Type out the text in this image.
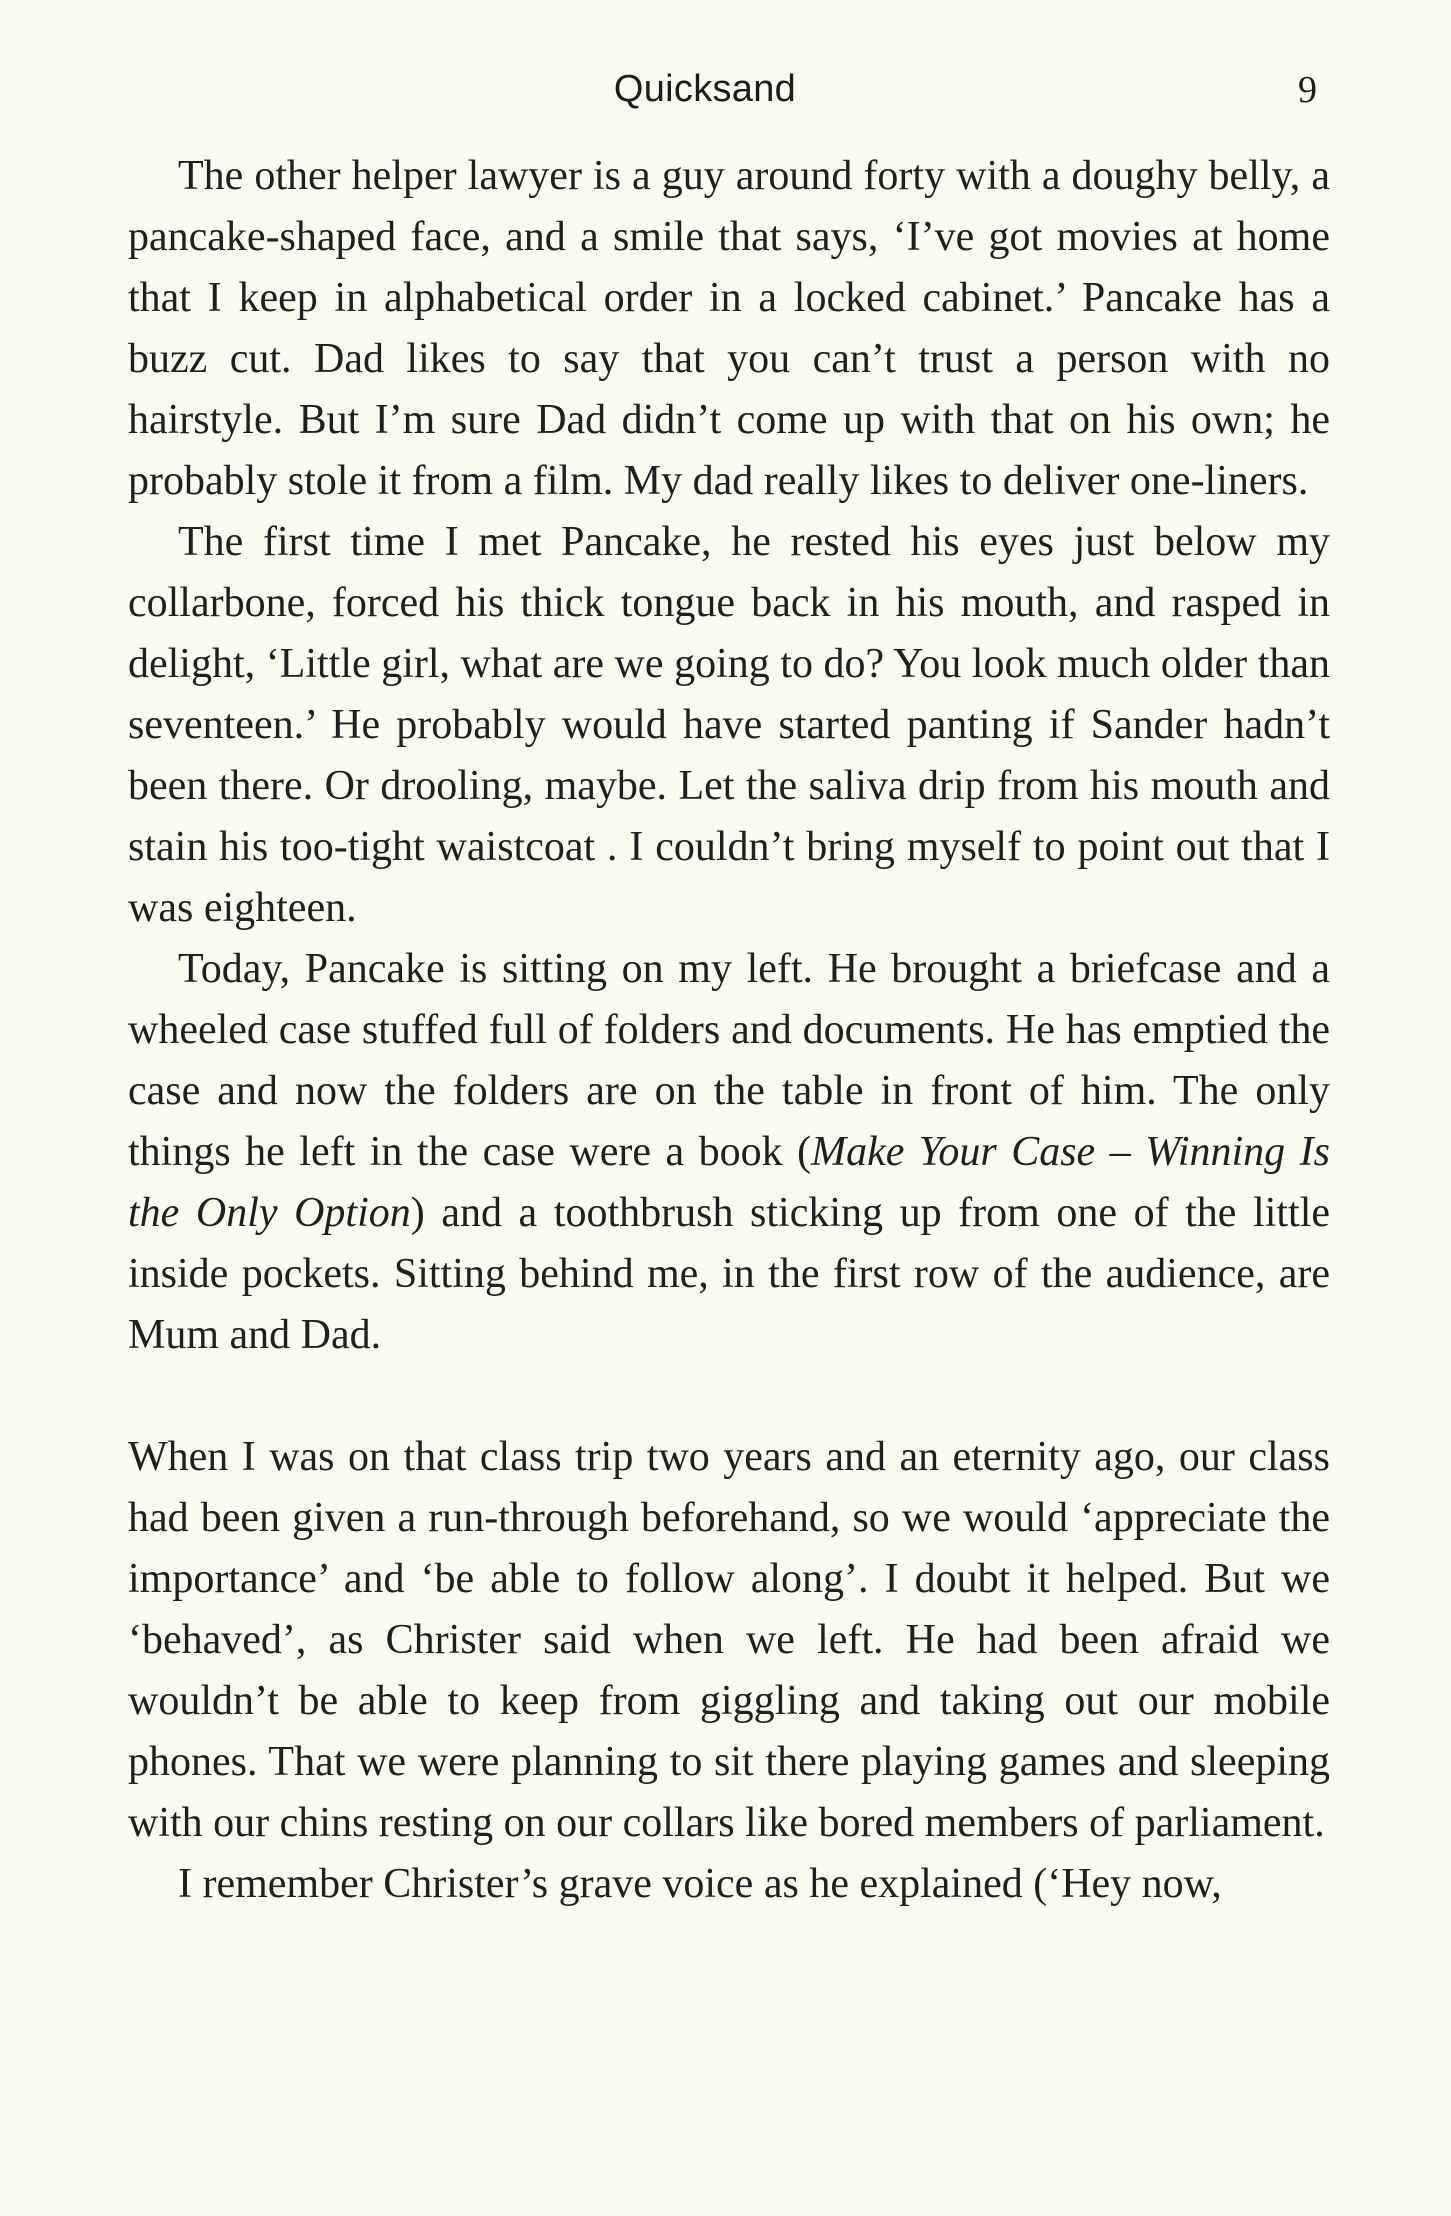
Quicksand	9

The other helper lawyer is a guy around forty with a doughy belly, a pancake-shaped face, and a smile that says, ‘I’ve got movies at home that I keep in alphabetical order in a locked cabinet.’ Pancake has a buzz cut. Dad likes to say that you can’t trust a person with no hairstyle. But I’m sure Dad didn’t come up with that on his own; he probably stole it from a film. My dad really likes to deliver one-liners.

The first time I met Pancake, he rested his eyes just below my collarbone, forced his thick tongue back in his mouth, and rasped in delight, ‘Little girl, what are we going to do? You look much older than seventeen.’ He probably would have started panting if Sander hadn’t been there. Or drooling, maybe. Let the saliva drip from his mouth and stain his too-tight waistcoat . I couldn’t bring myself to point out that I was eighteen.

Today, Pancake is sitting on my left. He brought a briefcase and a wheeled case stuffed full of folders and documents. He has emptied the case and now the folders are on the table in front of him. The only things he left in the case were a book (Make Your Case – Winning Is the Only Option) and a toothbrush sticking up from one of the little inside pockets. Sitting behind me, in the first row of the audience, are Mum and Dad.

When I was on that class trip two years and an eternity ago, our class had been given a run-through beforehand, so we would ‘appreciate the importance’ and ‘be able to follow along’. I doubt it helped. But we ‘behaved’, as Christer said when we left. He had been afraid we wouldn’t be able to keep from giggling and taking out our mobile phones. That we were planning to sit there playing games and sleeping with our chins resting on our collars like bored members of parliament.

I remember Christer’s grave voice as he explained (‘Hey now,
